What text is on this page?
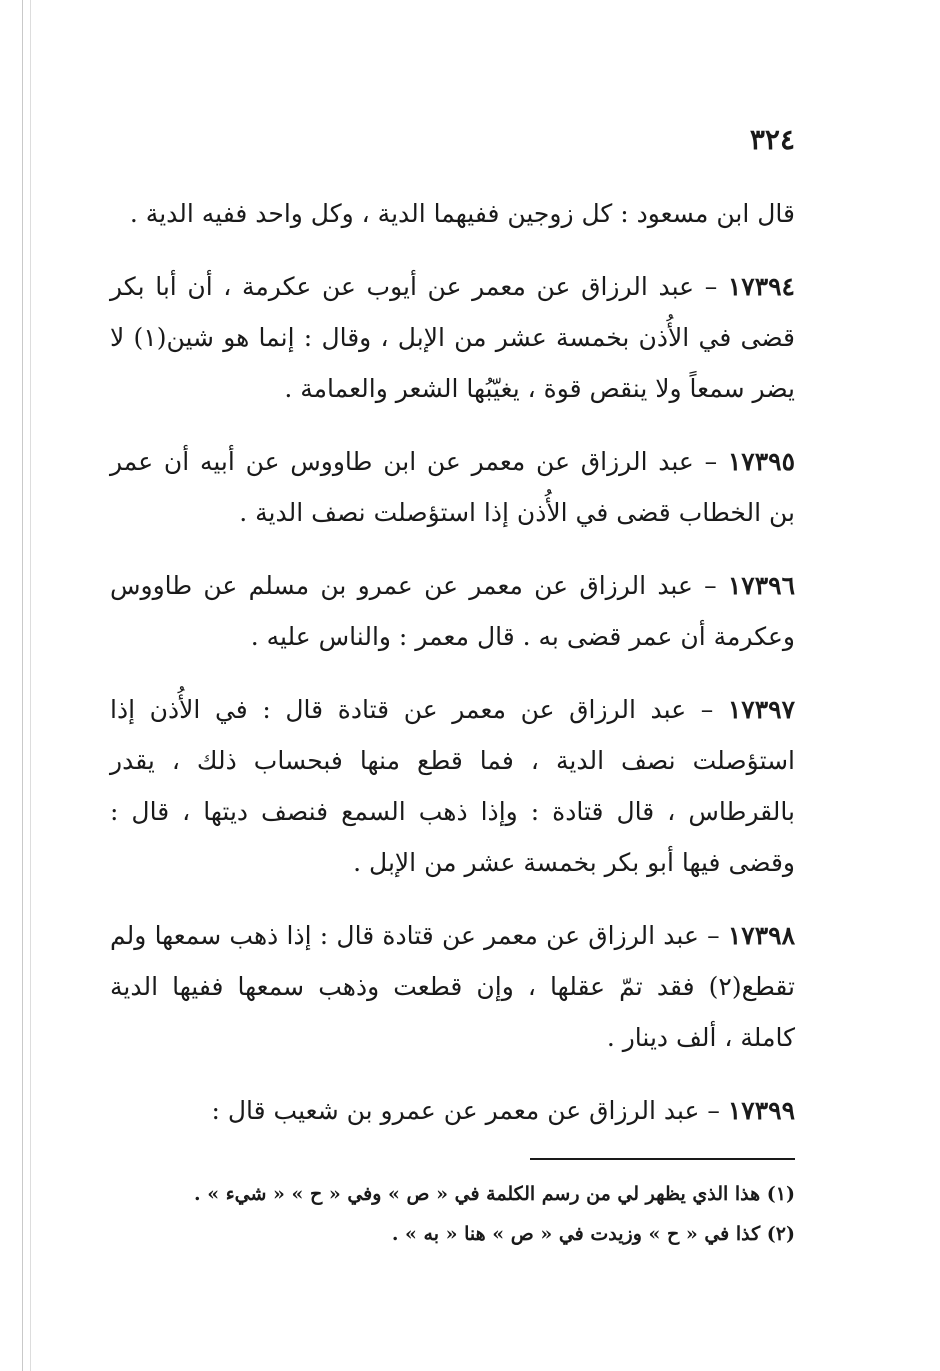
٣٢٤

قال ابن مسعود : كل زوجين ففيهما الدية ، وكل واحد ففيه الدية .

١٧٣٩٤ – عبد الرزاق عن معمر عن أيوب عن عكرمة ، أن أبا بكر قضى في الأُذن بخمسة عشر من الإبل ، وقال : إنما هو شين(١) لا يضر سمعاً ولا ينقص قوة ، يغيّبُها الشعر والعمامة .

١٧٣٩٥ – عبد الرزاق عن معمر عن ابن طاووس عن أبيه أن عمر بن الخطاب قضى في الأُذن إذا استؤصلت نصف الدية .

١٧٣٩٦ – عبد الرزاق عن معمر عن عمرو بن مسلم عن طاووس وعكرمة أن عمر قضى به . قال معمر : والناس عليه .

١٧٣٩٧ – عبد الرزاق عن معمر عن قتادة قال : في الأُذن إذا استؤصلت نصف الدية ، فما قطع منها فبحساب ذلك ، يقدر بالقرطاس ، قال قتادة : وإذا ذهب السمع فنصف ديتها ، قال : وقضى فيها أبو بكر بخمسة عشر من الإبل .

١٧٣٩٨ – عبد الرزاق عن معمر عن قتادة قال : إذا ذهب سمعها ولم تقطع(٢) فقد تمّ عقلها ، وإن قطعت وذهب سمعها ففيها الدية كاملة ، ألف دينار .

١٧٣٩٩ – عبد الرزاق عن معمر عن عمرو بن شعيب قال :

(١) هذا الذي يظهر لي من رسم الكلمة في « ص » وفي « ح » « شيء » .

(٢) كذا في « ح » وزيدت في « ص » هنا « به » .
